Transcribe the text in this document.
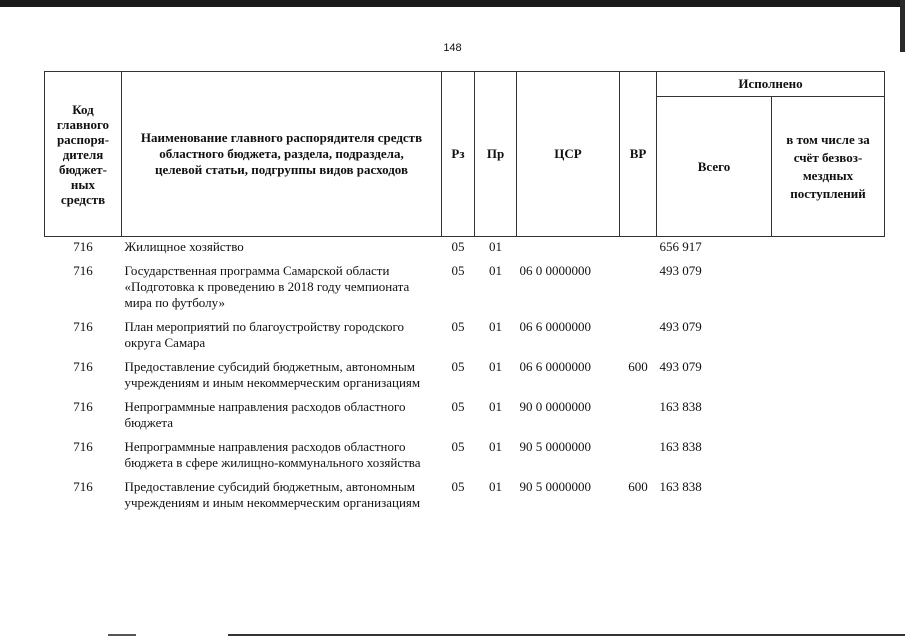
148
Код главного распоря-дителя бюджет-ных средств	Наименование главного распорядителя средств областного бюджета, раздела, подраздела, целевой статьи, подгруппы видов расходов	Рз	Пр	ЦСР	ВР	Исполнено	
						Всего	в том числе за счёт безвоз-мездных поступлений
716	Жилищное хозяйство	05	01			656 917	
716	Государственная программа Самарской области «Подготовка к проведению в 2018 году чемпионата мира по футболу»	05	01	06 0 0000000		493 079	
716	План мероприятий по благоустройству городского округа Самара	05	01	06 6 0000000		493 079	
716	Предоставление субсидий бюджетным, автономным учреждениям и иным некоммерческим организациям	05	01	06 6 0000000	600	493 079	
716	Непрограммные направления расходов областного бюджета	05	01	90 0 0000000		163 838	
716	Непрограммные направления расходов областного бюджета в сфере жилищно-коммунального хозяйства	05	01	90 5 0000000		163 838	
716	Предоставление субсидий бюджетным, автономным учреждениям и иным некоммерческим организациям	05	01	90 5 0000000	600	163 838	
